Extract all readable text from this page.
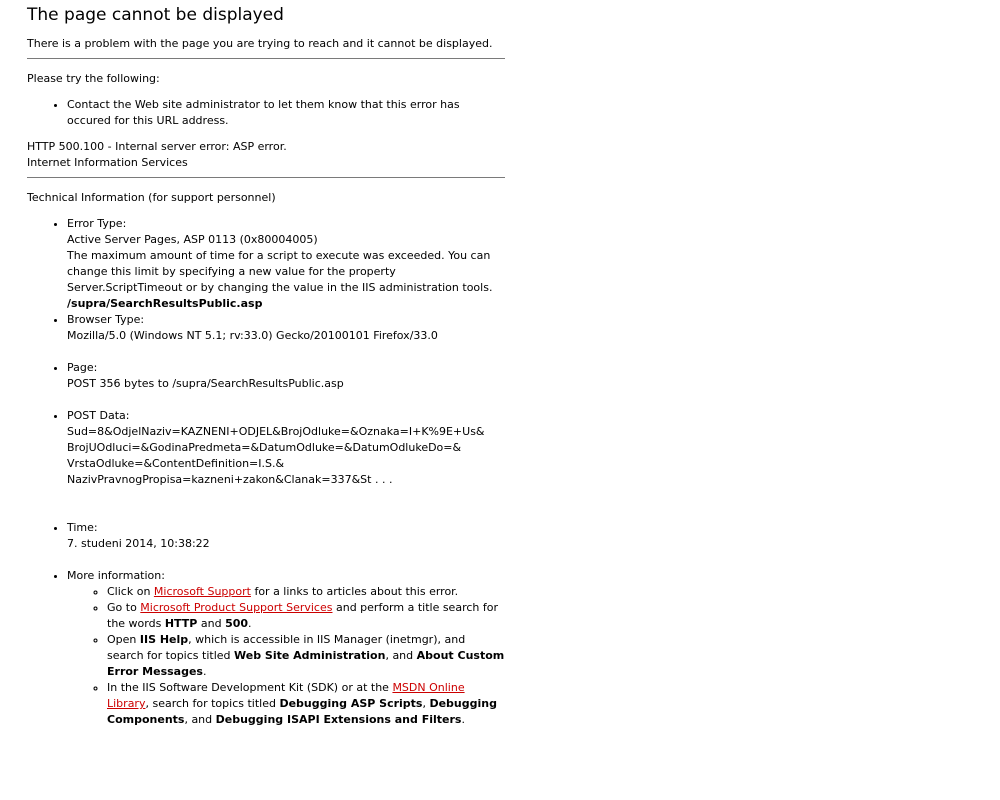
The page cannot be displayed

There is a problem with the page you are trying to reach and it cannot be displayed.

Please try the following:

• Contact the Web site administrator to let them know that this error has occured for this URL address.

HTTP 500.100 - Internal server error: ASP error.

Internet Information Services

Technical Information (for support personnel)

• Error Type:
Active Server Pages, ASP 0113 (0x80004005)
The maximum amount of time for a script to execute was exceeded. You can change this limit by specifying a new value for the property Server.ScriptTimeout or by changing the value in the IIS administration tools.
/supra/SearchResultsPublic.asp
• Browser Type:
Mozilla/5.0 (Windows NT 5.1; rv:33.0) Gecko/20100101 Firefox/33.0
• Page:
POST 356 bytes to /supra/SearchResultsPublic.asp
• POST Data:
Sud=8&OdjelNaziv=KAZNENI+ODJEL&BrojOdluke=&Oznaka=I+K%9E+Us&
BrojUOdluci=&GodinaPredmeta=&DatumOdluke=&DatumOdlukeDo=&
VrstaOdluke=&ContentDefinition=I.S.&
NazivPravnogPropisa=kazneni+zakon&Clanak=337&St . . .
• Time:
7. studeni 2014, 10:38:22
• More information:
◦ Click on Microsoft Support for a links to articles about this error.
◦ Go to Microsoft Product Support Services and perform a title search for the words HTTP and 500.
◦ Open IIS Help, which is accessible in IIS Manager (inetmgr), and search for topics titled Web Site Administration, and About Custom Error Messages.
◦ In the IIS Software Development Kit (SDK) or at the MSDN Online Library, search for topics titled Debugging ASP Scripts, Debugging Components, and Debugging ISAPI Extensions and Filters.
